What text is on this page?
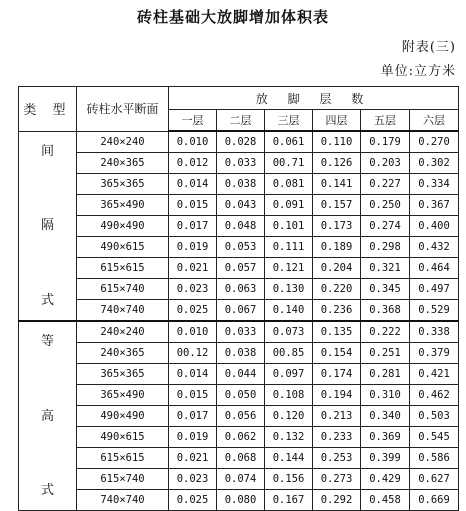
砖柱基础大放脚增加体积表
附表(三)
单位:立方米
类 型	砖柱水平断面	放 脚 层 数					
		一层	二层	三层	四层	五层	六层

间
隔
式	240×240	0.010	0.028	0.061	0.110	0.179	0.270
	240×365	0.012	0.033	00.71	0.126	0.203	0.302
	365×365	0.014	0.038	0.081	0.141	0.227	0.334
	365×490	0.015	0.043	0.091	0.157	0.250	0.367
	490×490	0.017	0.048	0.101	0.173	0.274	0.400
	490×615	0.019	0.053	0.111	0.189	0.298	0.432
	615×615	0.021	0.057	0.121	0.204	0.321	0.464
	615×740	0.023	0.063	0.130	0.220	0.345	0.497
	740×740	0.025	0.067	0.140	0.236	0.368	0.529

等
高
式	240×240	0.010	0.033	0.073	0.135	0.222	0.338
	240×365	00.12	0.038	00.85	0.154	0.251	0.379
	365×365	0.014	0.044	0.097	0.174	0.281	0.421
	365×490	0.015	0.050	0.108	0.194	0.310	0.462
	490×490	0.017	0.056	0.120	0.213	0.340	0.503
	490×615	0.019	0.062	0.132	0.233	0.369	0.545
	615×615	0.021	0.068	0.144	0.253	0.399	0.586
	615×740	0.023	0.074	0.156	0.273	0.429	0.627
	740×740	0.025	0.080	0.167	0.292	0.458	0.669
